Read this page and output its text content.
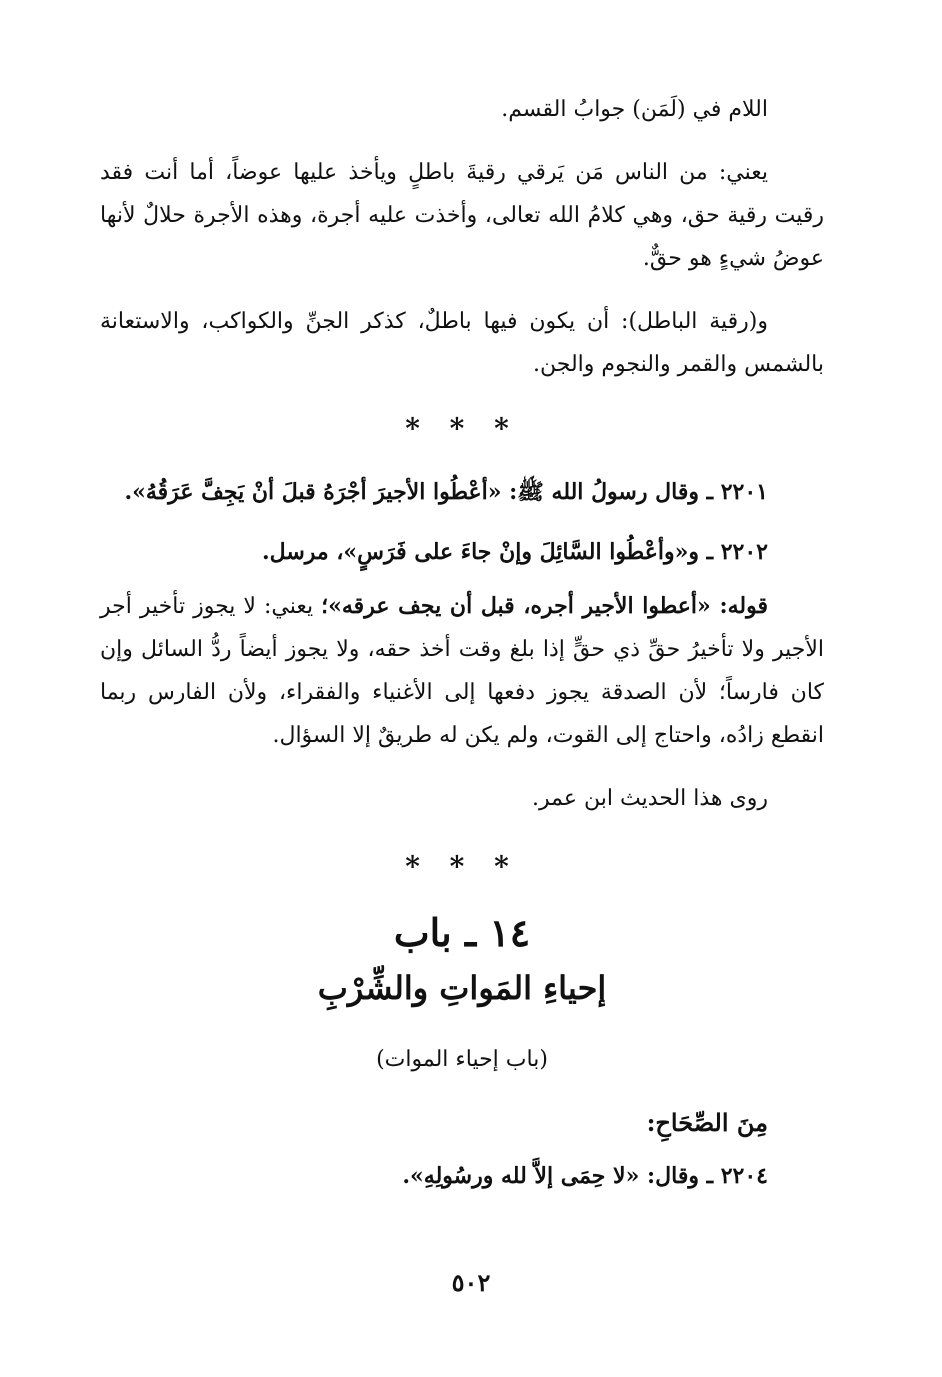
اللام في (لَمَن) جوابُ القسم.

يعني: من الناس مَن يَرقي رقيةَ باطلٍ ويأخذ عليها عوضاً، أما أنت فقد رقيت رقية حق، وهي كلامُ الله تعالى، وأخذت عليه أجرة، وهذه الأجرة حلالٌ لأنها عوضُ شيءٍ هو حقٌّ.

و(رقية الباطل): أن يكون فيها باطلٌ، كذكر الجنِّ والكواكب، والاستعانة بالشمس والقمر والنجوم والجن.

* * *

٢٢٠١ ـ وقال رسولُ الله ﷺ: «أعْطُوا الأجيرَ أجْرَهُ قبلَ أنْ يَجِفَّ عَرَقُهُ».

٢٢٠٢ ـ و«وأعْطُوا السَّائِلَ وإنْ جاءَ على فَرَسٍ»، مرسل.

قوله: «أعطوا الأجير أجره، قبل أن يجف عرقه»؛ يعني: لا يجوز تأخير أجر الأجير ولا تأخيرُ حقِّ ذي حقٍّ إذا بلغ وقت أخذ حقه، ولا يجوز أيضاً ردُّ السائل وإن كان فارساً؛ لأن الصدقة يجوز دفعها إلى الأغنياء والفقراء، ولأن الفارس ربما انقطع زادُه، واحتاج إلى القوت، ولم يكن له طريقٌ إلا السؤال.

روى هذا الحديث ابن عمر.

* * *
١٤ ـ باب
إحياءِ المَواتِ والشِّرْبِ
(باب إحياء الموات)
مِنَ الصِّحَاحِ:

٢٢٠٤ ـ وقال: «لا حِمَى إلاَّ لله ورسُولِهِ».

٥٠٢
